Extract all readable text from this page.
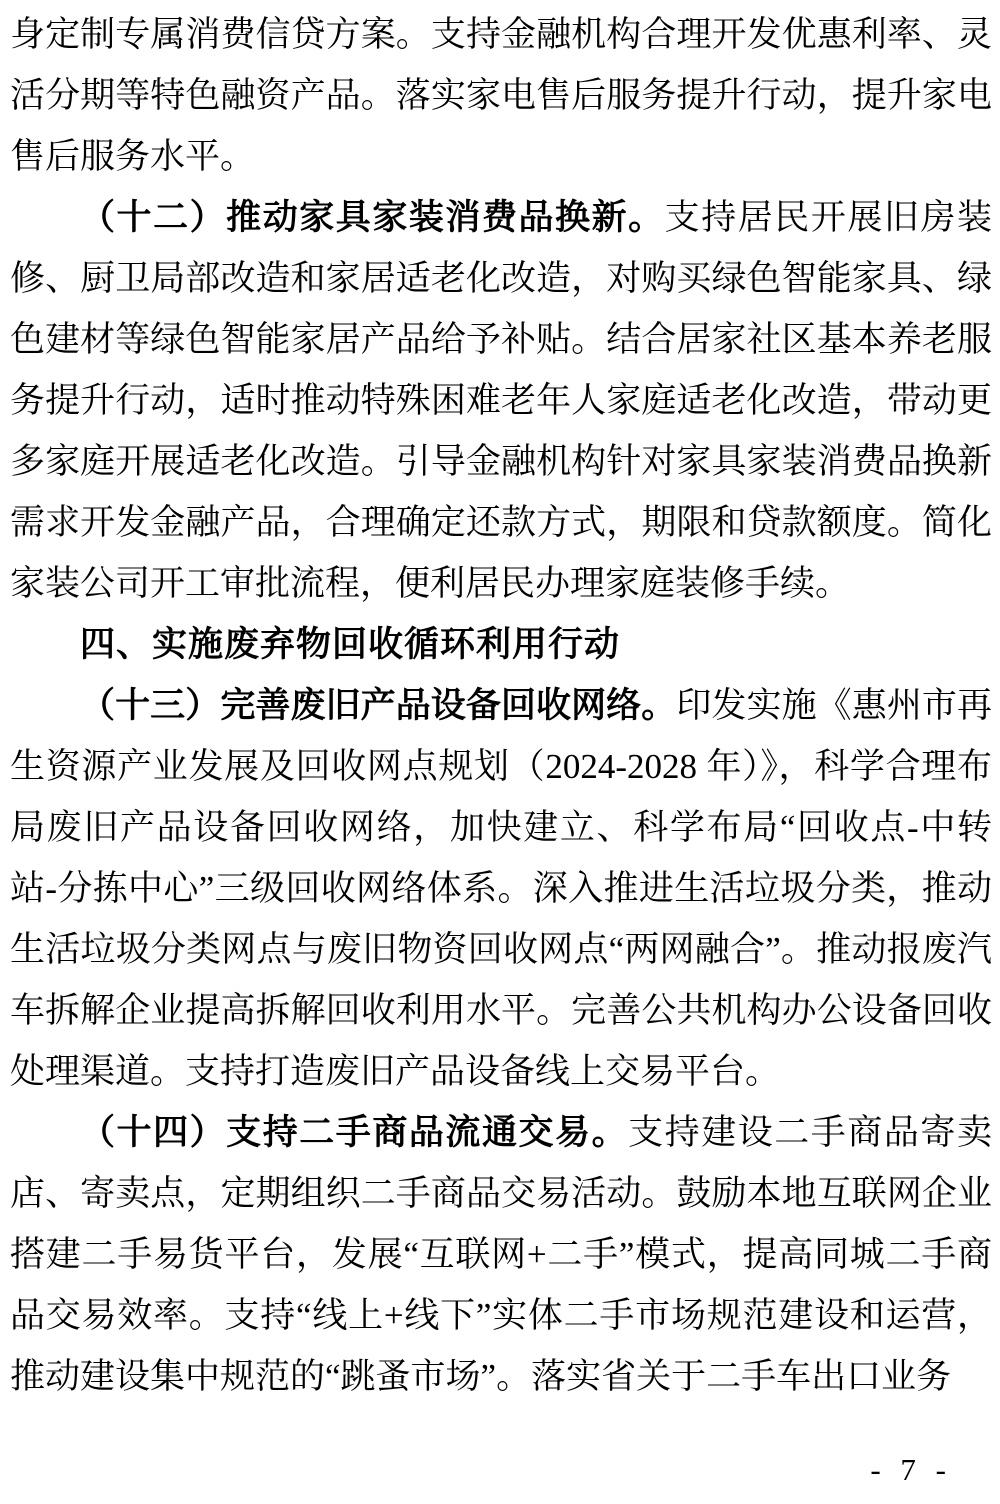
身定制专属消费信贷方案。支持金融机构合理开发优惠利率、灵活分期等特色融资产品。落实家电售后服务提升行动，提升家电售后服务水平。

（十二）推动家具家装消费品换新。支持居民开展旧房装修、厨卫局部改造和家居适老化改造，对购买绿色智能家具、绿色建材等绿色智能家居产品给予补贴。结合居家社区基本养老服务提升行动，适时推动特殊困难老年人家庭适老化改造，带动更多家庭开展适老化改造。引导金融机构针对家具家装消费品换新需求开发金融产品，合理确定还款方式，期限和贷款额度。简化家装公司开工审批流程，便利居民办理家庭装修手续。

四、实施废弃物回收循环利用行动

（十三）完善废旧产品设备回收网络。印发实施《惠州市再生资源产业发展及回收网点规划（2024-2028 年）》，科学合理布局废旧产品设备回收网络，加快建立、科学布局“回收点-中转站-分拣中心”三级回收网络体系。深入推进生活垃圾分类，推动生活垃圾分类网点与废旧物资回收网点“两网融合”。推动报废汽车拆解企业提高拆解回收利用水平。完善公共机构办公设备回收处理渠道。支持打造废旧产品设备线上交易平台。

（十四）支持二手商品流通交易。支持建设二手商品寄卖店、寄卖点，定期组织二手商品交易活动。鼓励本地互联网企业搭建二手易货平台，发展“互联网+二手”模式，提高同城二手商品交易效率。支持“线上+线下”实体二手市场规范建设和运营，推动建设集中规范的“跳蚤市场”。落实省关于二手车出口业务

- 7 -
